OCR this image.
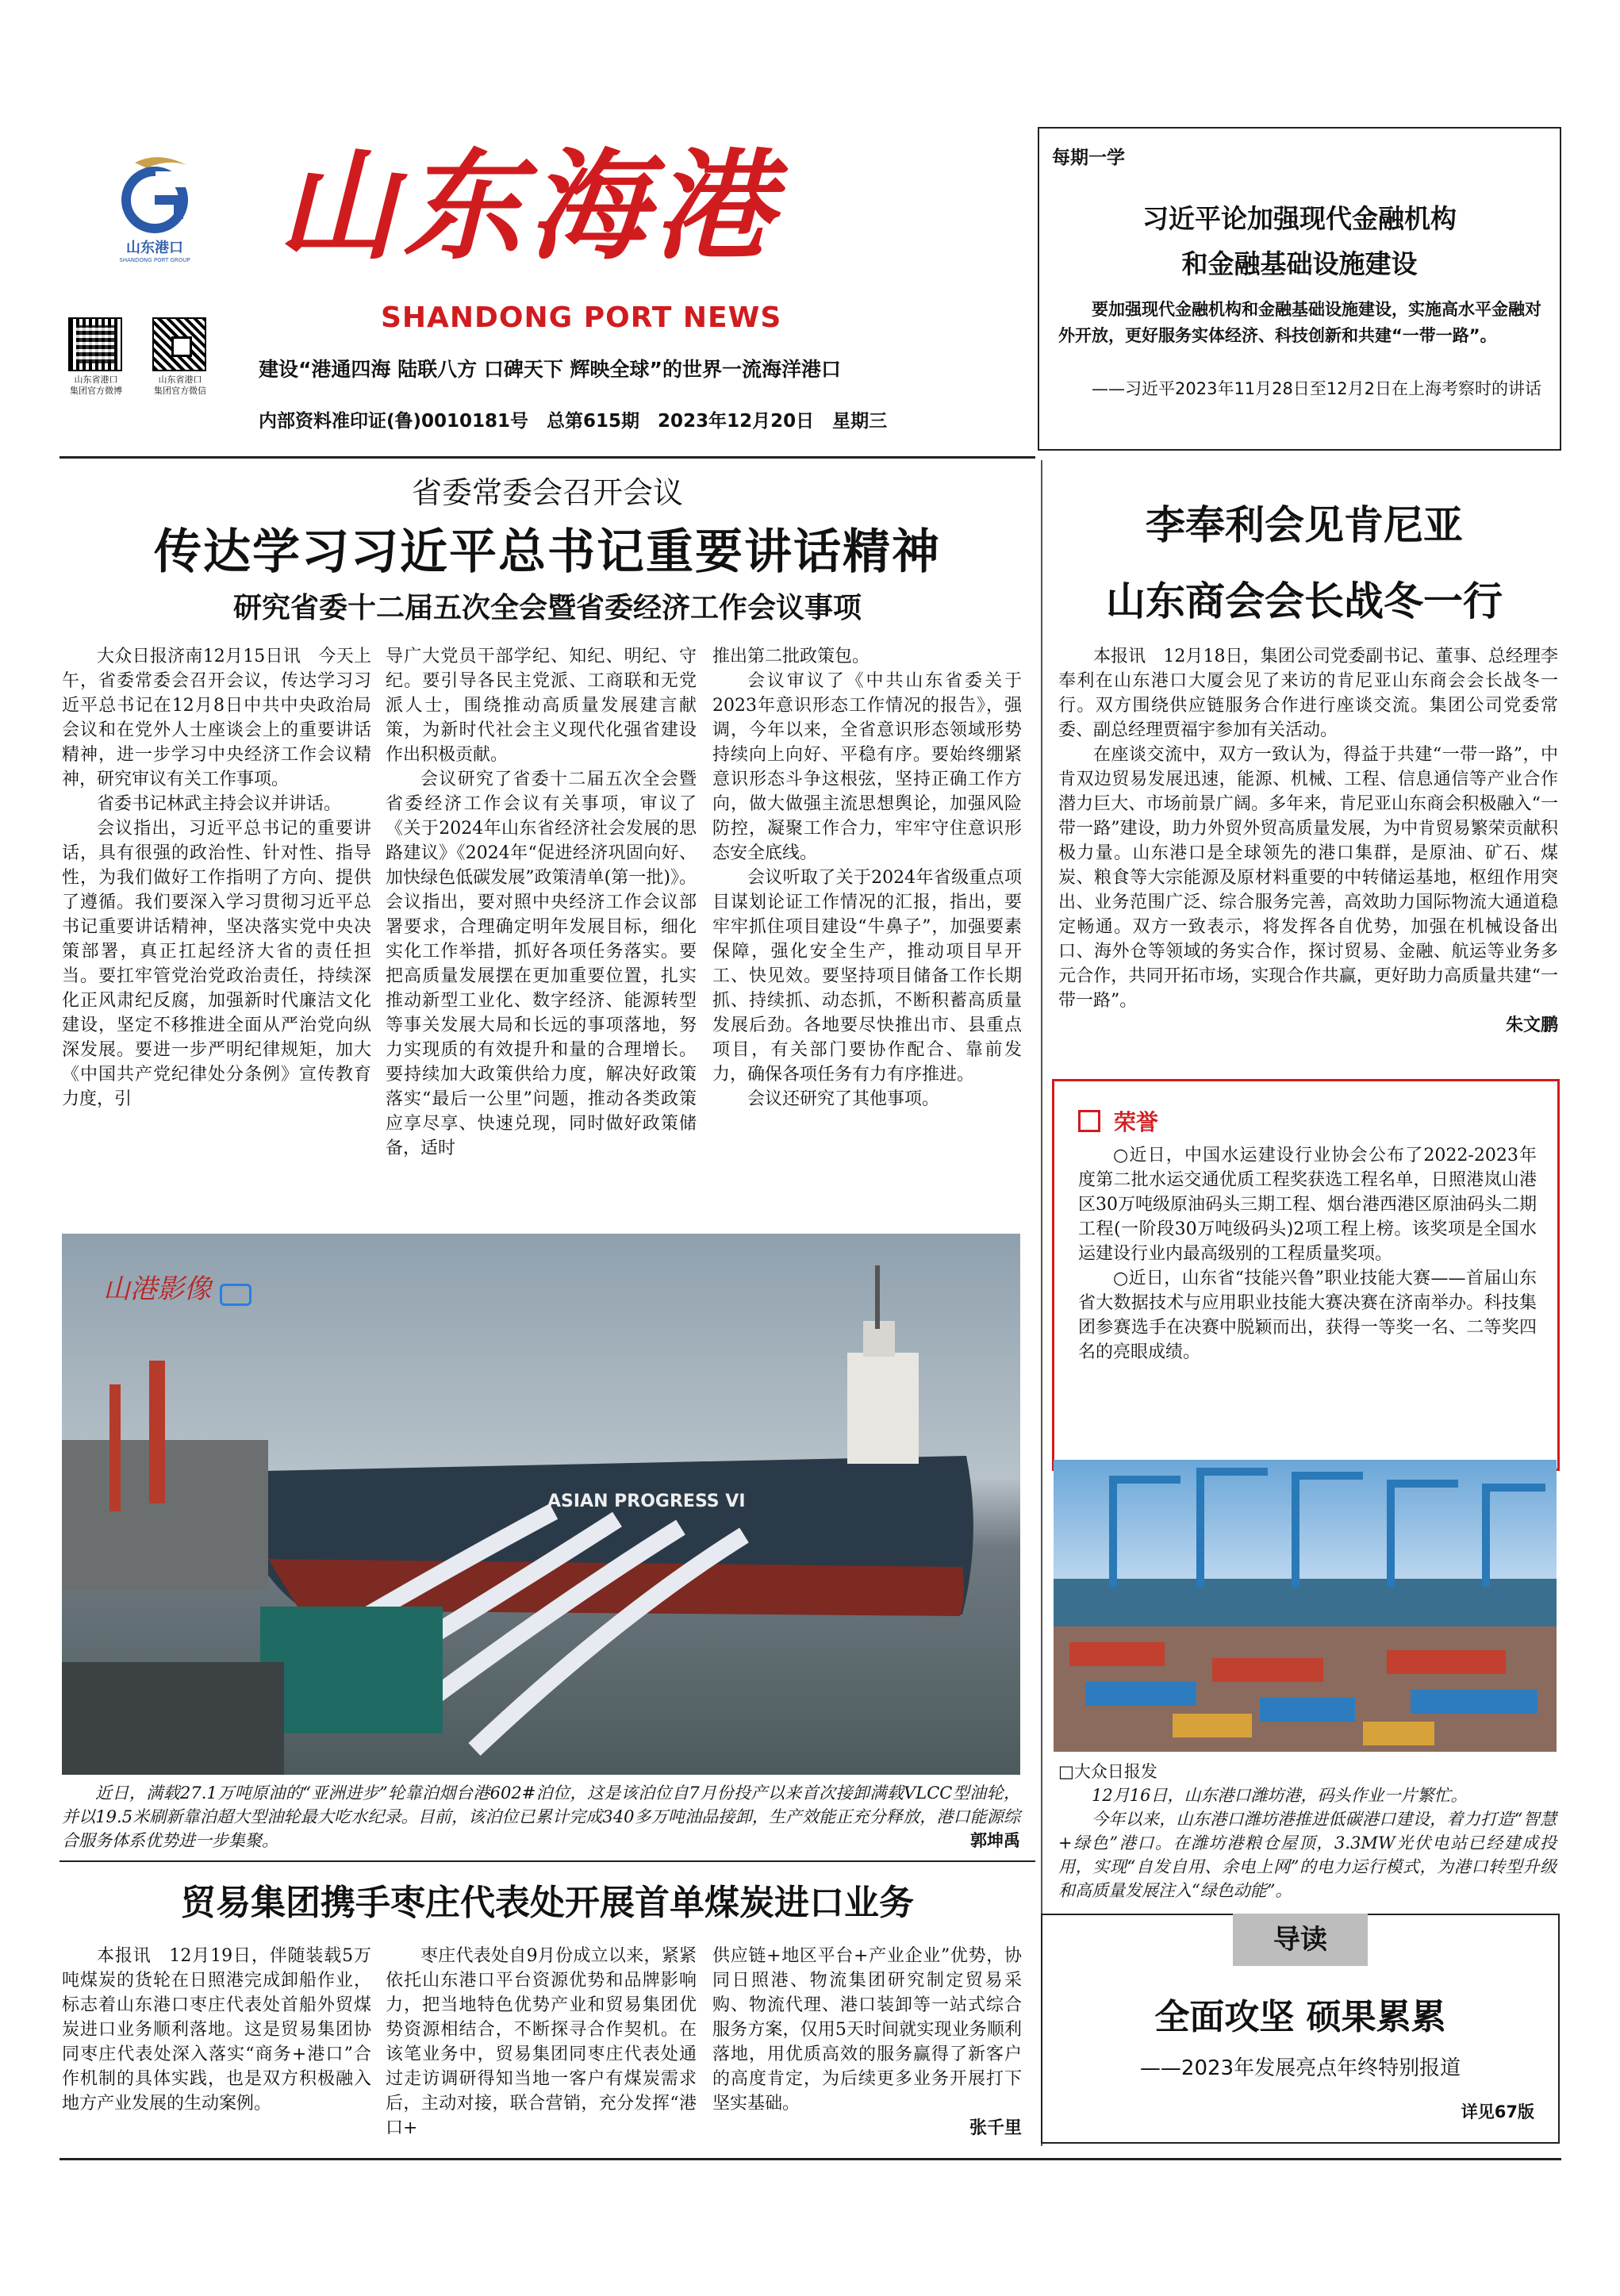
山东港口
SHANDONG PORT GROUP 山东海港
SHANDONG PORT NEWS
山东省港口
集团官方微博
山东省港口
集团官方微信
建设“港通四海 陆联八方 口碑天下 辉映全球”的世界一流海洋港口
内部资料准印证(鲁)0010181号　总第615期　2023年12月20日　星期三
每期一学
习近平论加强现代金融机构
和金融基础设施建设
要加强现代金融机构和金融基础设施建设，实施高水平金融对外开放，更好服务实体经济、科技创新和共建“一带一路”。
——习近平2023年11月28日至12月2日在上海考察时的讲话
省委常委会召开会议
传达学习习近平总书记重要讲话精神
研究省委十二届五次全会暨省委经济工作会议事项

大众日报济南12月15日讯　今天上午，省委常委会召开会议，传达学习习近平总书记在12月8日中共中央政治局会议和在党外人士座谈会上的重要讲话精神，进一步学习中央经济工作会议精神，研究审议有关工作事项。

省委书记林武主持会议并讲话。

会议指出，习近平总书记的重要讲话，具有很强的政治性、针对性、指导性，为我们做好工作指明了方向、提供了遵循。我们要深入学习贯彻习近平总书记重要讲话精神，坚决落实党中央决策部署，真正扛起经济大省的责任担当。要扛牢管党治党政治责任，持续深化正风肃纪反腐，加强新时代廉洁文化建设，坚定不移推进全面从严治党向纵深发展。要进一步严明纪律规矩，加大《中国共产党纪律处分条例》宣传教育力度，引

导广大党员干部学纪、知纪、明纪、守纪。要引导各民主党派、工商联和无党派人士，围绕推动高质量发展建言献策，为新时代社会主义现代化强省建设作出积极贡献。

会议研究了省委十二届五次全会暨省委经济工作会议有关事项，审议了《关于2024年山东省经济社会发展的思路建议》《2024年“促进经济巩固向好、加快绿色低碳发展”政策清单(第一批)》。会议指出，要对照中央经济工作会议部署要求，合理确定明年发展目标，细化实化工作举措，抓好各项任务落实。要把高质量发展摆在更加重要位置，扎实推动新型工业化、数字经济、能源转型等事关发展大局和长远的事项落地，努力实现质的有效提升和量的合理增长。要持续加大政策供给力度，解决好政策落实“最后一公里”问题，推动各类政策应享尽享、快速兑现，同时做好政策储备，适时

推出第二批政策包。

会议审议了《中共山东省委关于2023年意识形态工作情况的报告》，强调，今年以来，全省意识形态领域形势持续向上向好、平稳有序。要始终绷紧意识形态斗争这根弦，坚持正确工作方向，做大做强主流思想舆论，加强风险防控，凝聚工作合力，牢牢守住意识形态安全底线。

会议听取了关于2024年省级重点项目谋划论证工作情况的汇报，指出，要牢牢抓住项目建设“牛鼻子”，加强要素保障，强化安全生产，推动项目早开工、快见效。要坚持项目储备工作长期抓、持续抓、动态抓，不断积蓄高质量发展后劲。各地要尽快推出市、县重点项目，有关部门要协作配合、靠前发力，确保各项任务有力有序推进。

会议还研究了其他事项。

山港影像
ASIAN PROGRESS VI
近日，满载27.1万吨原油的“亚洲进步”轮靠泊烟台港602#泊位，这是该泊位自7月份投产以来首次接卸满载VLCC型油轮，并以19.5米刷新靠泊超大型油轮最大吃水纪录。目前，该泊位已累计完成340多万吨油品接卸，生产效能正充分释放，港口能源综合服务体系优势进一步集聚。	郭坤禹
贸易集团携手枣庄代表处开展首单煤炭进口业务

本报讯　12月19日，伴随装载5万吨煤炭的货轮在日照港完成卸船作业，标志着山东港口枣庄代表处首船外贸煤炭进口业务顺利落地。这是贸易集团协同枣庄代表处深入落实“商务+港口”合作机制的具体实践，也是双方积极融入地方产业发展的生动案例。

枣庄代表处自9月份成立以来，紧紧依托山东港口平台资源优势和品牌影响力，把当地特色优势产业和贸易集团优势资源相结合，不断探寻合作契机。在该笔业务中，贸易集团同枣庄代表处通过走访调研得知当地一客户有煤炭需求后，主动对接，联合营销，充分发挥“港口+

供应链+地区平台+产业企业”优势，协同日照港、物流集团研究制定贸易采购、物流代理、港口装卸等一站式综合服务方案，仅用5天时间就实现业务顺利落地，用优质高效的服务赢得了新客户的高度肯定，为后续更多业务开展打下坚实基础。

张千里
李奉利会见肯尼亚
山东商会会长战冬一行

本报讯　12月18日，集团公司党委副书记、董事、总经理李奉利在山东港口大厦会见了来访的肯尼亚山东商会会长战冬一行。双方围绕供应链服务合作进行座谈交流。集团公司党委常委、副总经理贾福宇参加有关活动。

在座谈交流中，双方一致认为，得益于共建“一带一路”，中肯双边贸易发展迅速，能源、机械、工程、信息通信等产业合作潜力巨大、市场前景广阔。多年来，肯尼亚山东商会积极融入“一带一路”建设，助力外贸外贸高质量发展，为中肯贸易繁荣贡献积极力量。山东港口是全球领先的港口集群，是原油、矿石、煤炭、粮食等大宗能源及原材料重要的中转储运基地，枢纽作用突出、业务范围广泛、综合服务完善，高效助力国际物流大通道稳定畅通。双方一致表示，将发挥各自优势，加强在机械设备出口、海外仓等领域的务实合作，探讨贸易、金融、航运等业务多元合作，共同开拓市场，实现合作共赢，更好助力高质量共建“一带一路”。

朱文鹏
荣誉

○近日，中国水运建设行业协会公布了2022-2023年度第二批水运交通优质工程奖获选工程名单，日照港岚山港区30万吨级原油码头三期工程、烟台港西港区原油码头二期工程(一阶段30万吨级码头)2项工程上榜。该奖项是全国水运建设行业内最高级别的工程质量奖项。

○近日，山东省“技能兴鲁”职业技能大赛——首届山东省大数据技术与应用职业技能大赛决赛在济南举办。科技集团参赛选手在决赛中脱颖而出，获得一等奖一名、二等奖四名的亮眼成绩。

□大众日报发
12月16日，山东港口潍坊港，码头作业一片繁忙。
今年以来，山东港口潍坊港推进低碳港口建设，着力打造“智慧+绿色”港口。在潍坊港粮仓屋顶，3.3MW光伏电站已经建成投用，实现“自发自用、余电上网”的电力运行模式，为港口转型升级和高质量发展注入“绿色动能”。
导读
全面攻坚 硕果累累
——2023年发展亮点年终特别报道
详见67版
